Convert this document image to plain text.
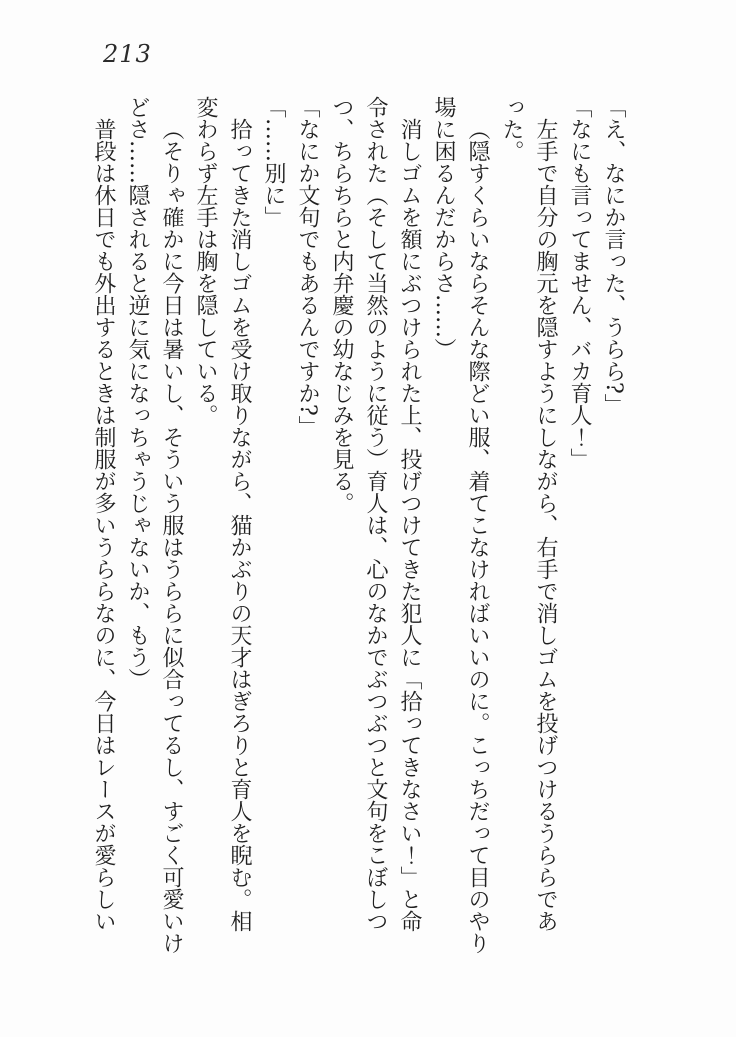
213
「え、なにか言った、うらら?」
「なにも言ってません、バカ育人！」
左手で自分の胸元を隠すようにしながら、右手で消しゴムを投げつけるうららであ
った。
（隠すくらいならそんな際どい服、着てこなければいいのに。こっちだって目のやり
場に困るんだからさ……）
消しゴムを額にぶつけられた上、投げつけてきた犯人に「拾ってきなさい！」と命
令された（そして当然のように従う）育人は、心のなかでぶつぶつと文句をこぼしつ
つ、ちらちらと内弁慶の幼なじみを見る。
「なにか文句でもあるんですか?」
「……別に」
拾ってきた消しゴムを受け取りながら、猫かぶりの天才はぎろりと育人を睨む。相
変わらず左手は胸を隠している。
（そりゃ確かに今日は暑いし、そういう服はうららに似合ってるし、すごく可愛いけ
どさ……隠されると逆に気になっちゃうじゃないか、もう）
普段は休日でも外出するときは制服が多いうららなのに、今日はレースが愛らしい
